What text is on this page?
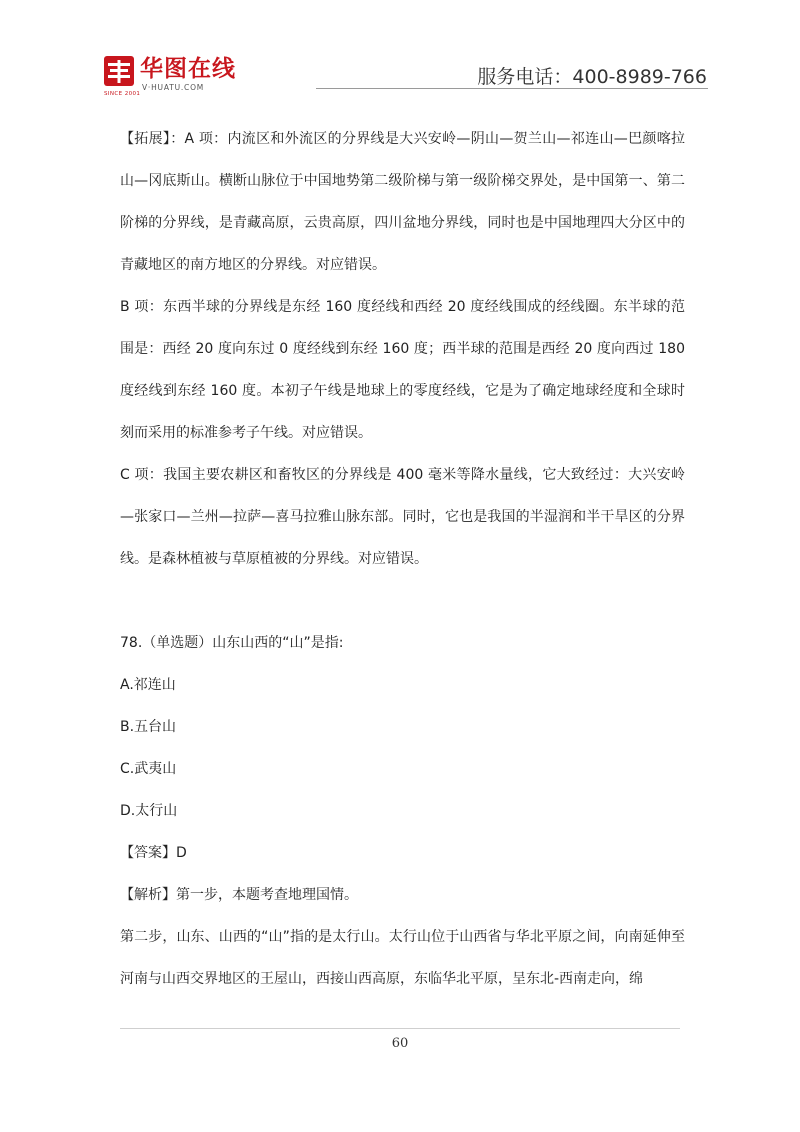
SINCE 2001
华图在线
V·HUATU.COM	服务电话：400-8989-766

【拓展】：A 项：内流区和外流区的分界线是大兴安岭—阴山—贺兰山—祁连山—巴颜喀拉山—冈底斯山。横断山脉位于中国地势第二级阶梯与第一级阶梯交界处，是中国第一、第二阶梯的分界线，是青藏高原，云贵高原，四川盆地分界线，同时也是中国地理四大分区中的青藏地区的南方地区的分界线。对应错误。

B 项：东西半球的分界线是东经 160 度经线和西经 20 度经线围成的经线圈。东半球的范围是：西经 20 度向东过 0 度经线到东经 160 度；西半球的范围是西经 20 度向西过 180 度经线到东经 160 度。本初子午线是地球上的零度经线，它是为了确定地球经度和全球时刻而采用的标准参考子午线。对应错误。

C 项：我国主要农耕区和畜牧区的分界线是 400 毫米等降水量线，它大致经过：大兴安岭—张家口—兰州—拉萨—喜马拉雅山脉东部。同时，它也是我国的半湿润和半干旱区的分界线。是森林植被与草原植被的分界线。对应错误。

78.（单选题）山东山西的“山”是指:

A.祁连山

B.五台山

C.武夷山

D.太行山

【答案】D

【解析】第一步，本题考查地理国情。

第二步，山东、山西的“山”指的是太行山。太行山位于山西省与华北平原之间，向南延伸至河南与山西交界地区的王屋山，西接山西高原，东临华北平原，呈东北-西南走向，绵

60
